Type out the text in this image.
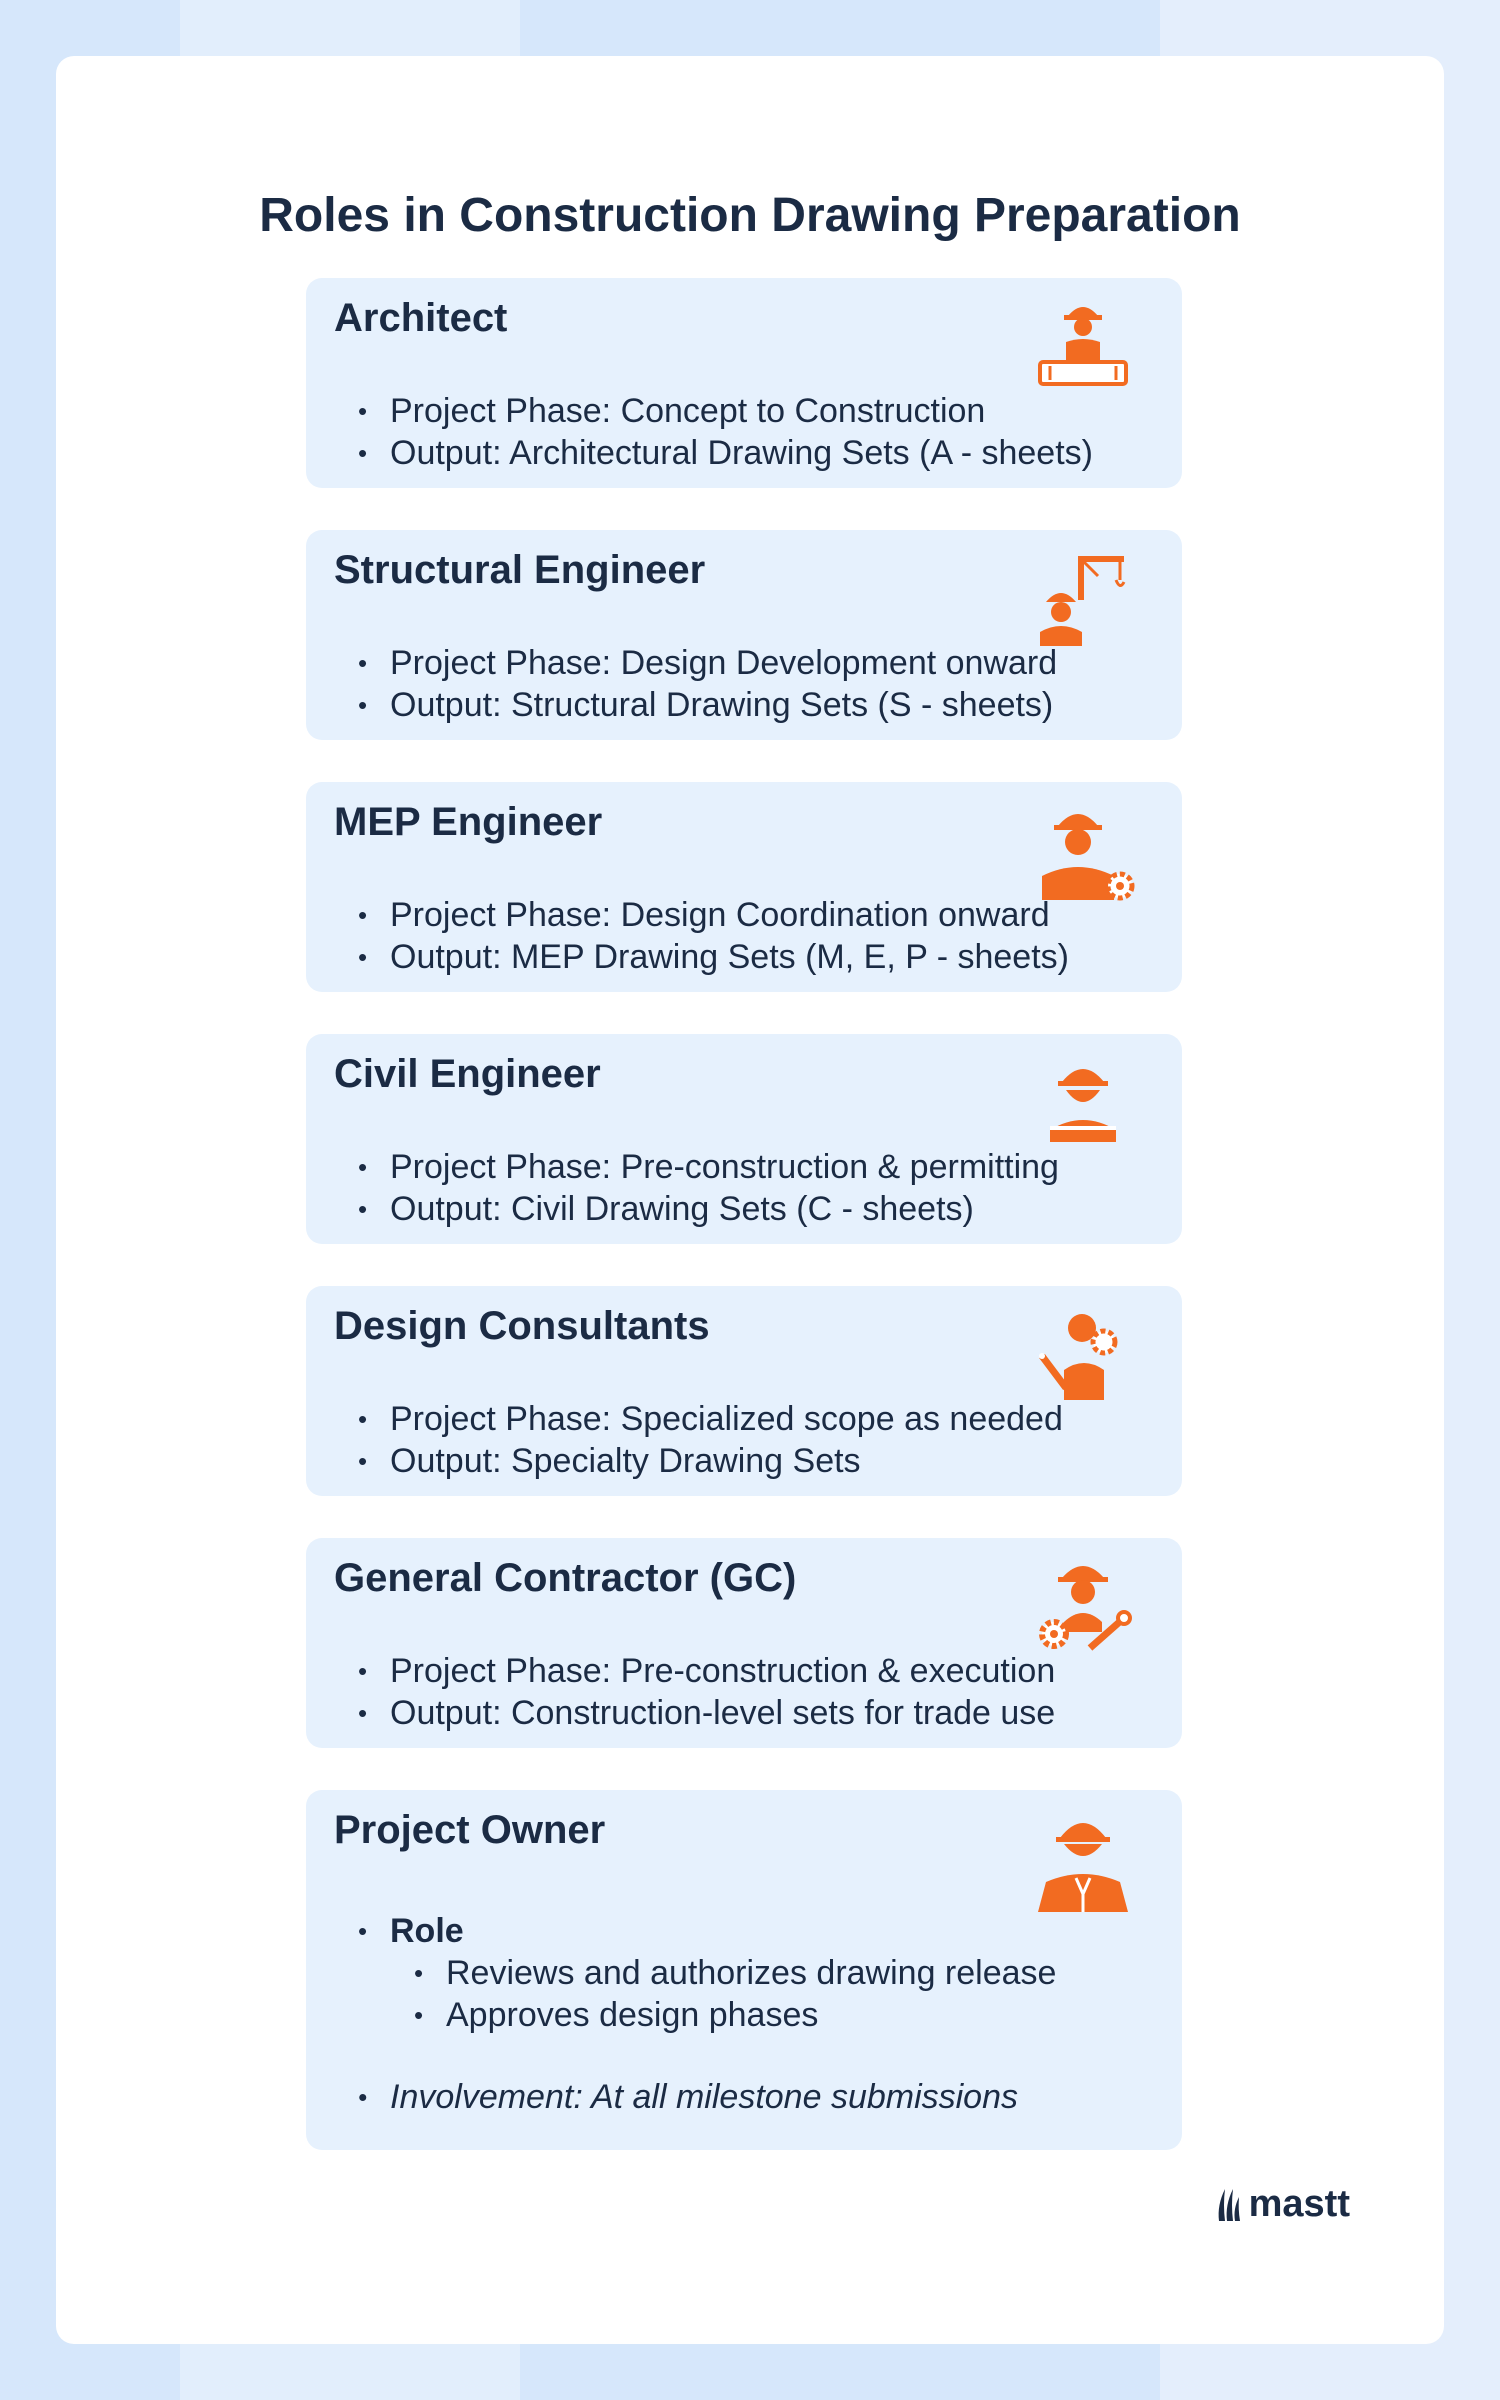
Roles in Construction Drawing Preparation
Architect
• Project Phase: Concept to Construction
• Output: Architectural Drawing Sets (A - sheets)
Structural Engineer
• Project Phase: Design Development onward
• Output: Structural Drawing Sets (S - sheets)
MEP Engineer
• Project Phase: Design Coordination onward
• Output: MEP Drawing Sets (M, E, P - sheets)
Civil Engineer
• Project Phase: Pre-construction & permitting
• Output: Civil Drawing Sets (C - sheets)
Design Consultants
• Project Phase: Specialized scope as needed
• Output: Specialty Drawing Sets
General Contractor (GC)
• Project Phase: Pre-construction & execution
• Output: Construction-level sets for trade use
Project Owner
• Role
• Reviews and authorizes drawing release
• Approves design phases
• Involvement: At all milestone submissions
mastt
